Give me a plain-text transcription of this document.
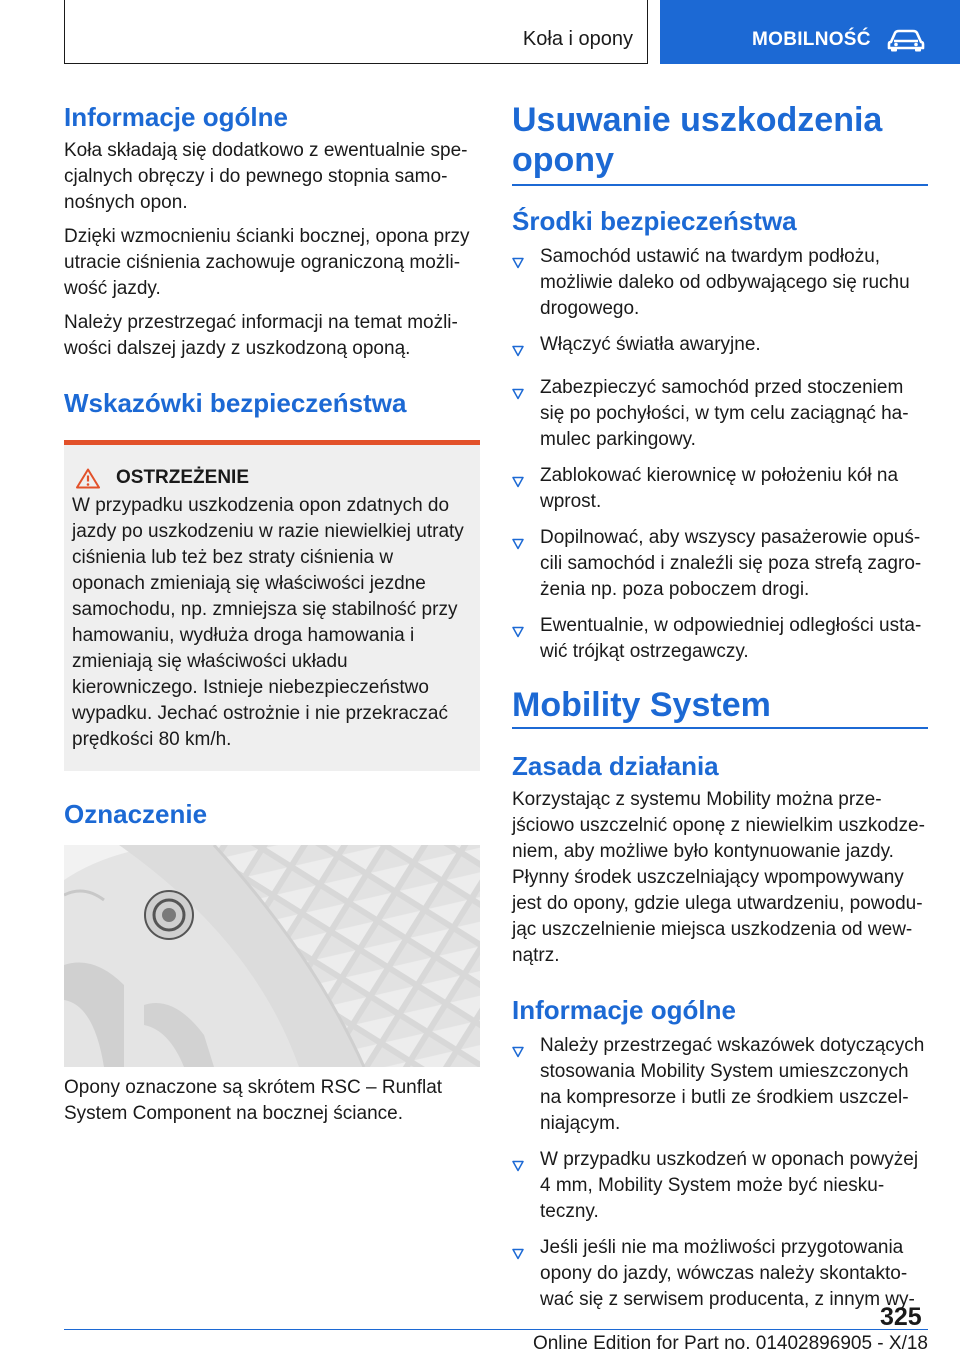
Koła i opony	MOBILNOŚĆ
Informacje ogólne

Koła składają się dodatkowo z ewentualnie specjalnych obręczy i do pewnego stopnia samonośnych opon.

Dzięki wzmocnieniu ścianki bocznej, opona przy utracie ciśnienia zachowuje ograniczoną możliwość jazdy.

Należy przestrzegać informacji na temat możliwości dalszej jazdy z uszkodzoną oponą.

Wskazówki bezpieczeństwa
OSTRZEŻENIE

W przypadku uszkodzenia opon zdatnych do jazdy po uszkodzeniu w razie niewielkiej utraty ciśnienia lub też bez straty ciśnienia w oponach zmieniają się właściwości jezdne samochodu, np. zmniejsza się stabilność przy hamowaniu, wydłuża droga hamowania i zmieniają się właściwości układu kierowniczego. Istnieje niebezpieczeństwo wypadku. Jechać ostrożnie i nie przekraczać prędkości 80 km/h.

Oznaczenie

Opony oznaczone są skrótem RSC – Runflat System Component na bocznej ściance.

Usuwanie uszkodzenia opony
Środki bezpieczeństwa
Samochód ustawić na twardym podłożu, możliwie daleko od odbywającego się ruchu drogowego.
Włączyć światła awaryjne.
Zabezpieczyć samochód przed stoczeniem się po pochyłości, w tym celu zaciągnąć hamulec parkingowy.
Zablokować kierownicę w położeniu kół na wprost.
Dopilnować, aby wszyscy pasażerowie opuścili samochód i znaleźli się poza strefą zagrożenia np. poza poboczem drogi.
Ewentualnie, w odpowiedniej odległości ustawić trójkąt ostrzegawczy.
Mobility System
Zasada działania

Korzystając z systemu Mobility można przejściowo uszczelnić oponę z niewielkim uszkodzeniem, aby możliwe było kontynuowanie jazdy. Płynny środek uszczelniający wpompowywany jest do opony, gdzie ulega utwardzeniu, powodując uszczelnienie miejsca uszkodzenia od wewnątrz.

Informacje ogólne
Należy przestrzegać wskazówek dotyczących stosowania Mobility System umieszczonych na kompresorze i butli ze środkiem uszczelniającym.
W przypadku uszkodzeń w oponach powyżej 4 mm, Mobility System może być nieskuteczny.
Jeśli jeśli nie ma możliwości przygotowania opony do jazdy, wówczas należy skontaktować się z serwisem producenta, z innym wy-
325
Online Edition for Part no. 01402896905 - X/18
